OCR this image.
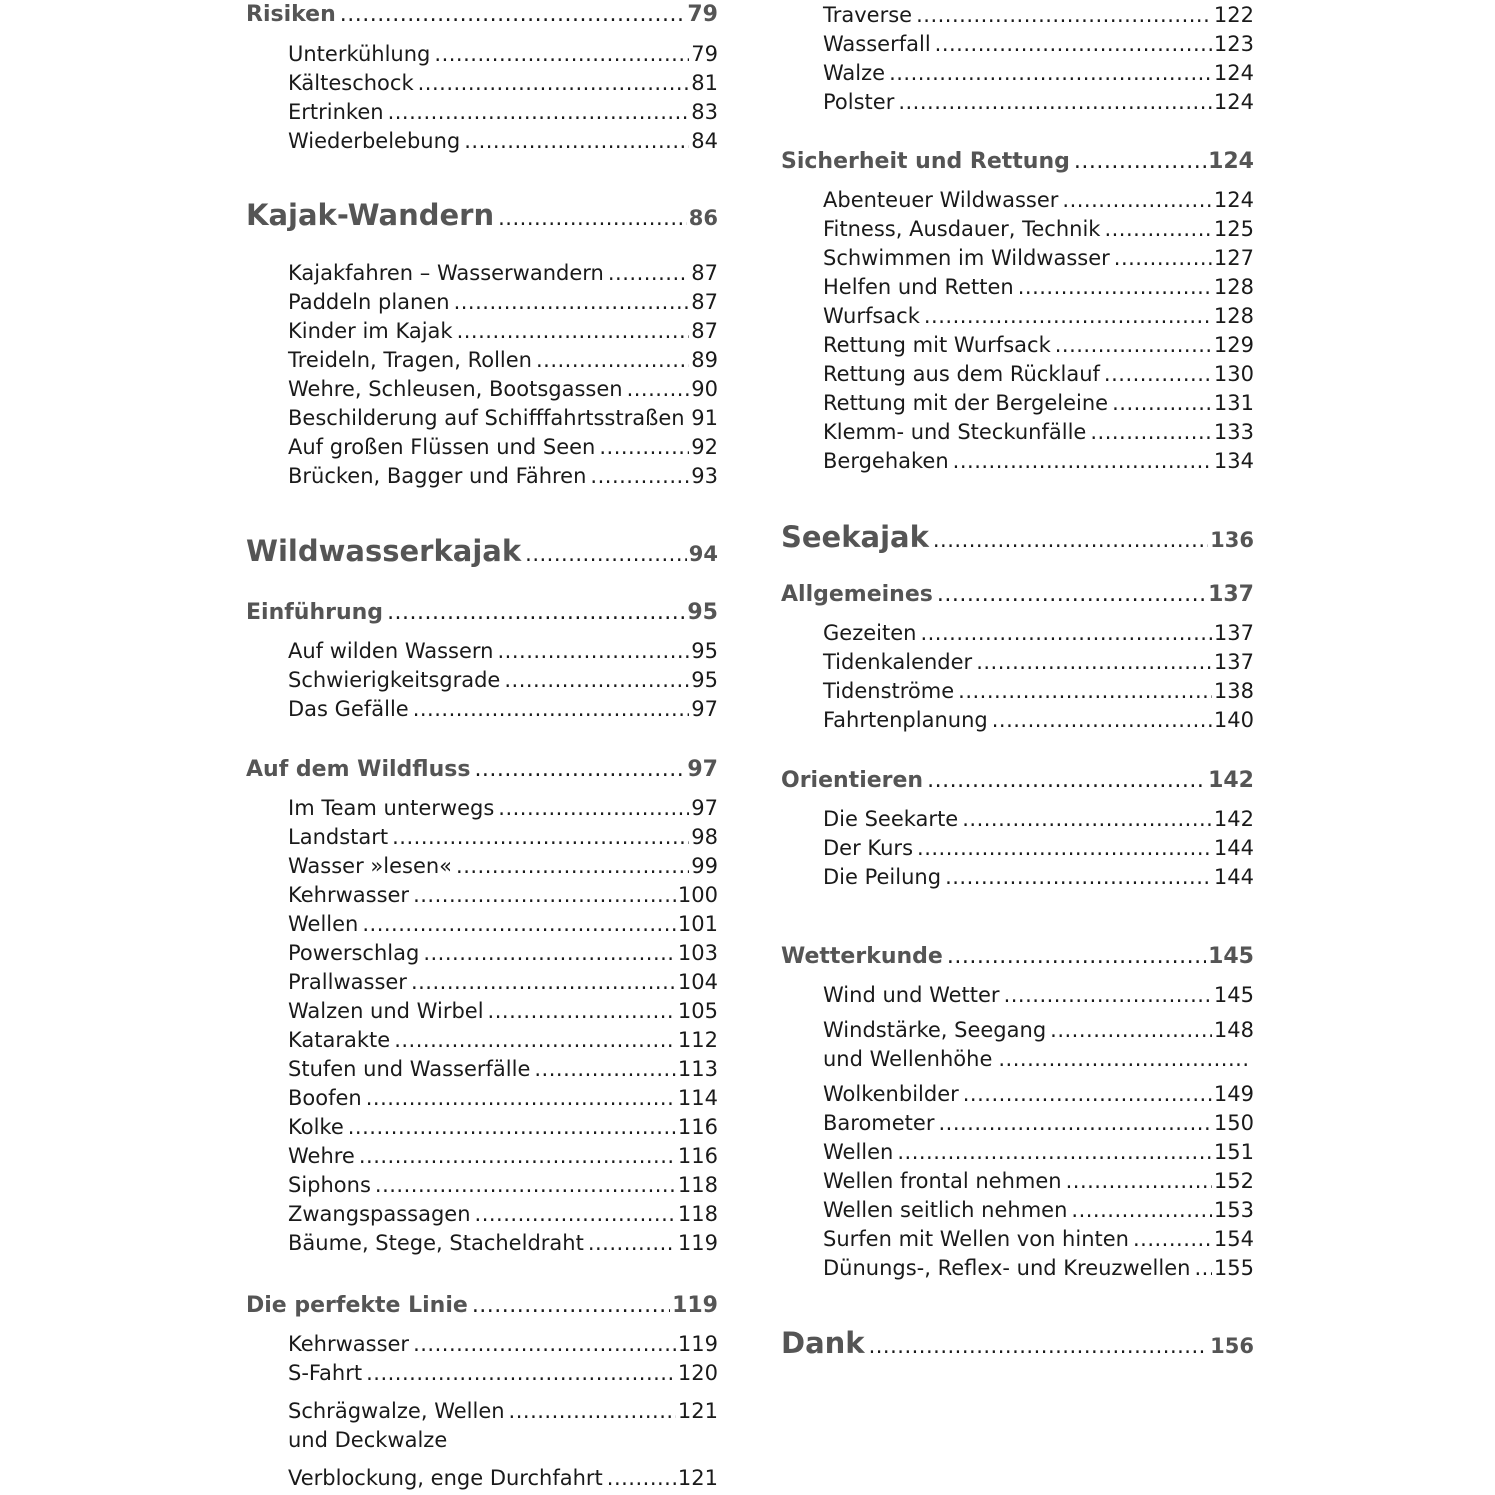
Risiken .....	79
Unterkühlung .....	79
Kälteschock .....	81
Ertrinken .....	83
Wiederbelebung .....	84
Kajak-Wandern .....	86
Kajakfahren – Wasserwandern .....	87
Paddeln planen .....	87
Kinder im Kajak .....	87
Treideln, Tragen, Rollen .....	89
Wehre, Schleusen, Bootsgassen .....	90
Beschilderung auf Schifffahrtsstraßen ..... 91
Auf großen Flüssen und Seen .....	92
Brücken, Bagger und Fähren .....	93
Wildwasserkajak .....	94
Einführung .....	95
Auf wilden Wassern .....	95
Schwierigkeitsgrade .....	95
Das Gefälle .....	97
Auf dem Wildfluss .....	97
Im Team unterwegs .....	97
Landstart .....	98
Wasser »lesen« .....	99
Kehrwasser .....	100
Wellen .....	101
Powerschlag .....	103
Prallwasser .....	104
Walzen und Wirbel .....	105
Katarakte .....	112
Stufen und Wasserfälle .....	113
Boofen .....	114
Kolke .....	116
Wehre .....	116
Siphons .....	118
Zwangspassagen .....	118
Bäume, Stege, Stacheldraht .....	119
Die perfekte Linie .....	119
Kehrwasser .....	119
S-Fahrt .....	120
Schrägwalze, Wellen .....	121
und Deckwalze
Verblockung, enge Durchfahrt .....	121
Traverse .....	122
Wasserfall .....	123
Walze .....	124
Polster .....	124
Sicherheit und Rettung .....	124
Abenteuer Wildwasser .....	124
Fitness, Ausdauer, Technik .....	125
Schwimmen im Wildwasser .....	127
Helfen und Retten .....	128
Wurfsack .....	128
Rettung mit Wurfsack .....	129
Rettung aus dem Rücklauf .....	130
Rettung mit der Bergeleine .....	131
Klemm- und Steckunfälle .....	133
Bergehaken .....	134
Seekajak .....	136
Allgemeines .....	137
Gezeiten .....	137
Tidenkalender .....	137
Tidenströme .....	138
Fahrtenplanung .....	140
Orientieren .....	142
Die Seekarte .....	142
Der Kurs .....	144
Die Peilung .....	144
Wetterkunde .....	145
Wind und Wetter .....	145
Windstärke, Seegang .....	148
und Wellenhöhe
.....
Wolkenbilder .....	149
Barometer .....	150
Wellen .....	151
Wellen frontal nehmen .....	152
Wellen seitlich nehmen .....	153
Surfen mit Wellen von hinten .....	154
Dünungs-, Reflex- und Kreuzwellen ..... 155
Dank .....	156
